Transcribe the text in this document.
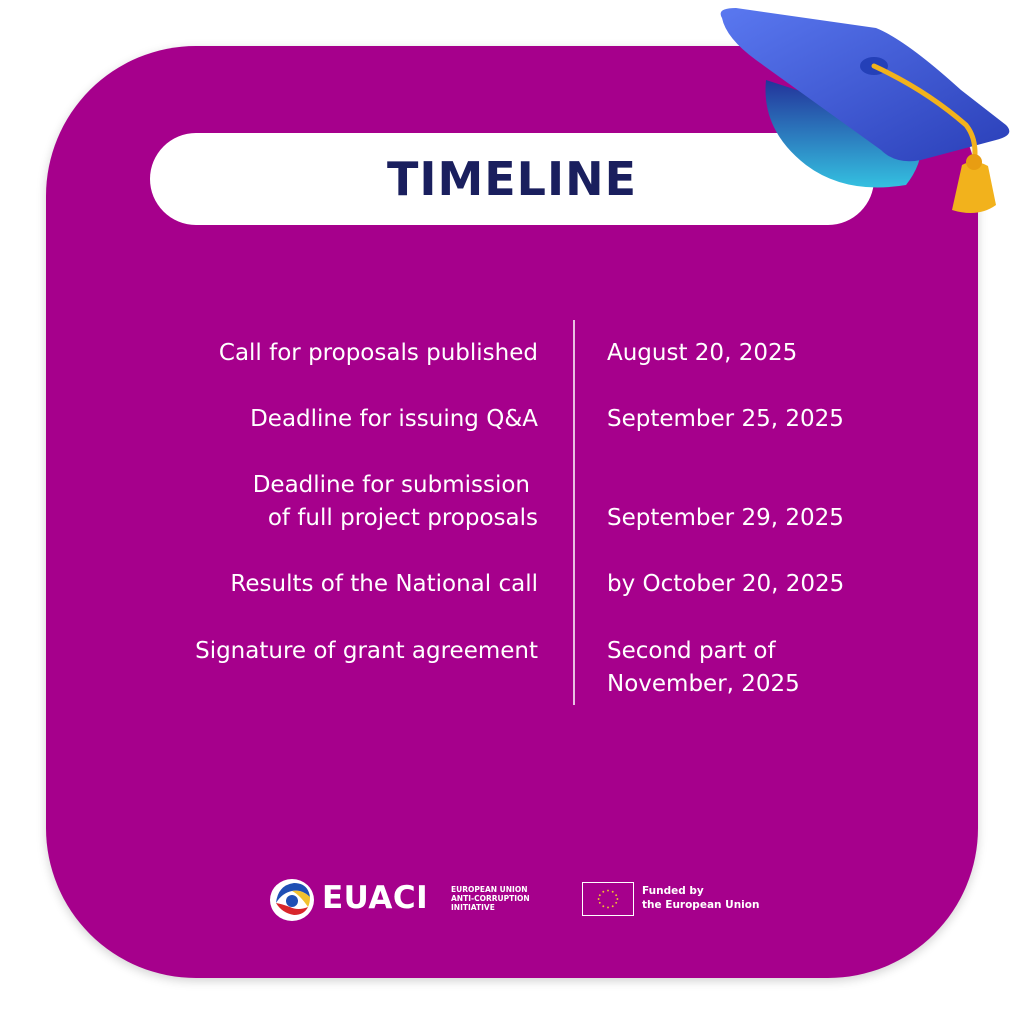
TIMELINE
Call for proposals published	August 20, 2025
Deadline for issuing Q&A	September 25, 2025
Deadline for submission
of full project proposals	September 29, 2025
Results of the National call	by October 20, 2025
Signature of grant agreement	Second part of
November, 2025
EUACI	EUROPEAN UNION
ANTI-CORRUPTION
INITIATIVE
Funded by
the European Union
